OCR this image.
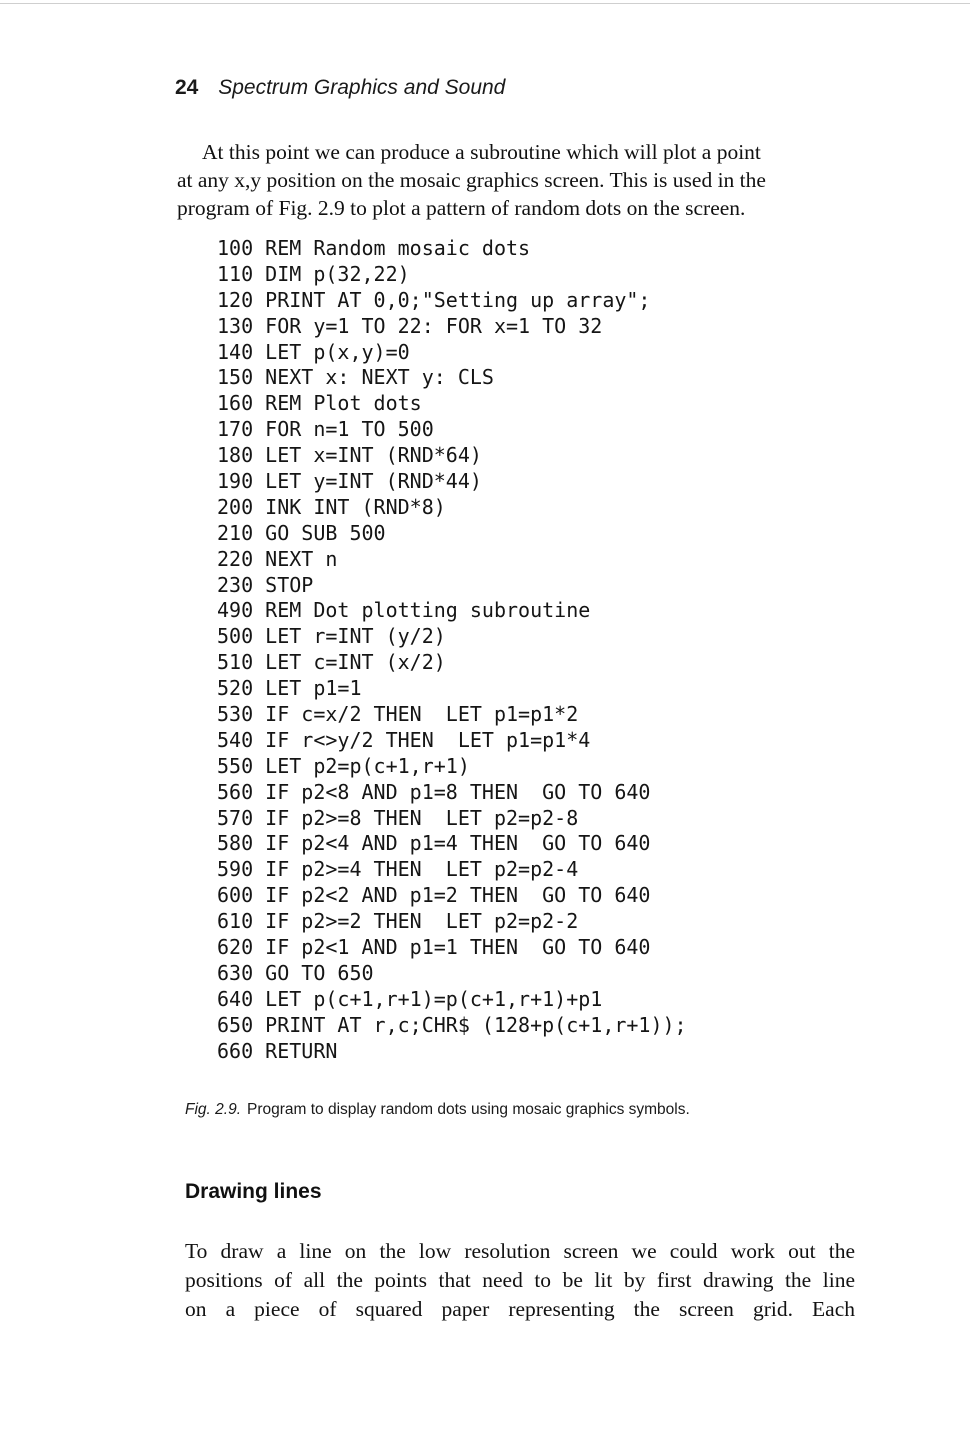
24 Spectrum Graphics and Sound
At this point we can produce a subroutine which will plot a point
at any x,y position on the mosaic graphics screen. This is used in the
program of Fig. 2.9 to plot a pattern of random dots on the screen.
100 REM Random mosaic dots
110 DIM p(32,22)
120 PRINT AT 0,0;"Setting up array";
130 FOR y=1 TO 22: FOR x=1 TO 32
140 LET p(x,y)=0
150 NEXT x: NEXT y: CLS
160 REM Plot dots
170 FOR n=1 TO 500
180 LET x=INT (RND*64)
190 LET y=INT (RND*44)
200 INK INT (RND*8)
210 GO SUB 500
220 NEXT n
230 STOP
490 REM Dot plotting subroutine
500 LET r=INT (y/2)
510 LET c=INT (x/2)
520 LET p1=1
530 IF c=x/2 THEN  LET p1=p1*2
540 IF r<>y/2 THEN  LET p1=p1*4
550 LET p2=p(c+1,r+1)
560 IF p2<8 AND p1=8 THEN  GO TO 640
570 IF p2>=8 THEN  LET p2=p2-8
580 IF p2<4 AND p1=4 THEN  GO TO 640
590 IF p2>=4 THEN  LET p2=p2-4
600 IF p2<2 AND p1=2 THEN  GO TO 640
610 IF p2>=2 THEN  LET p2=p2-2
620 IF p2<1 AND p1=1 THEN  GO TO 640
630 GO TO 650
640 LET p(c+1,r+1)=p(c+1,r+1)+p1
650 PRINT AT r,c;CHR$ (128+p(c+1,r+1));
660 RETURN
Fig. 2.9. Program to display random dots using mosaic graphics symbols.
Drawing lines
To draw a line on the low resolution screen we could work out the
positions of all the points that need to be lit by first drawing the line
on a piece of squared paper representing the screen grid. Each
